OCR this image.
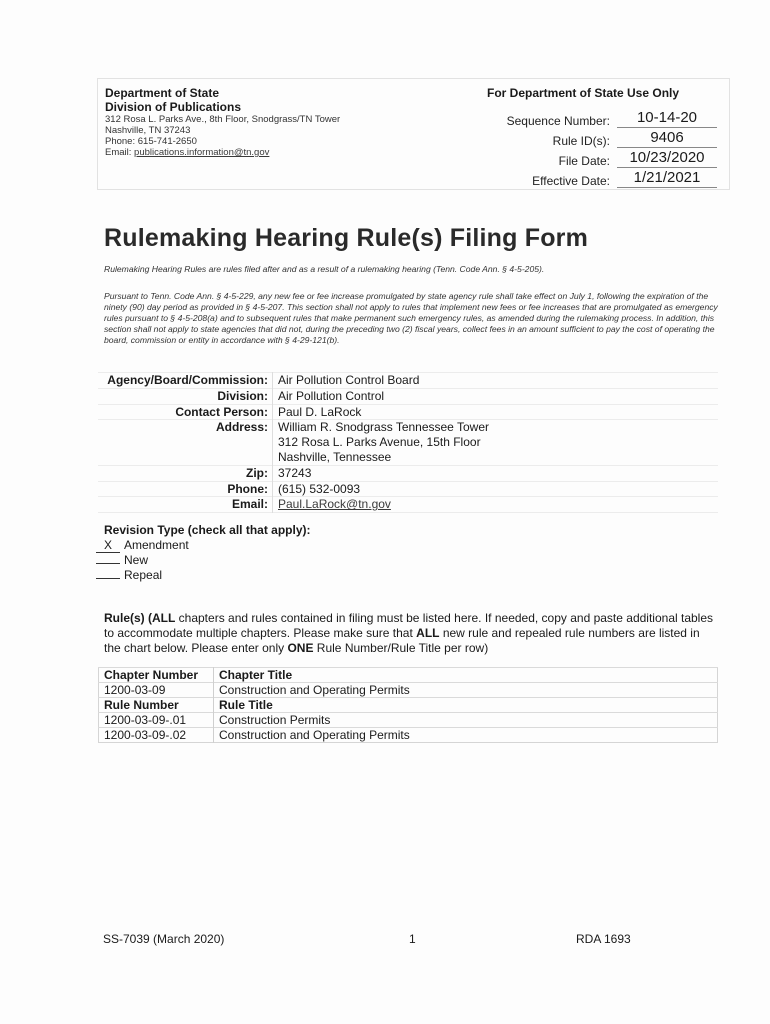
Department of State
Division of Publications
312 Rosa L. Parks Ave., 8th Floor, Snodgrass/TN Tower
Nashville, TN 37243
Phone: 615-741-2650
Email: publications.information@tn.gov
For Department of State Use Only
Sequence Number:	10-14-20
Rule ID(s):	9406
File Date:	10/23/2020
Effective Date:	1/21/2021
Rulemaking Hearing Rule(s) Filing Form
Rulemaking Hearing Rules are rules filed after and as a result of a rulemaking hearing (Tenn. Code Ann. § 4-5-205).
Pursuant to Tenn. Code Ann. § 4-5-229, any new fee or fee increase promulgated by state agency rule shall take effect on July 1, following the expiration of the ninety (90) day period as provided in § 4-5-207. This section shall not apply to rules that implement new fees or fee increases that are promulgated as emergency rules pursuant to § 4-5-208(a) and to subsequent rules that make permanent such emergency rules, as amended during the rulemaking process. In addition, this section shall not apply to state agencies that did not, during the preceding two (2) fiscal years, collect fees in an amount sufficient to pay the cost of operating the board, commission or entity in accordance with § 4-29-121(b).
Agency/Board/Commission:	Air Pollution Control Board
Division:	Air Pollution Control
Contact Person:	Paul D. LaRock
Address:	William R. Snodgrass Tennessee Tower
312 Rosa L. Parks Avenue, 15th Floor
Nashville, Tennessee

Zip:	37243
Phone:	(615) 532-0093
Email:	Paul.LaRock@tn.gov
Revision Type (check all that apply):
X Amendment
New
Repeal
Rule(s) (ALL chapters and rules contained in filing must be listed here. If needed, copy and paste additional tables to accommodate multiple chapters. Please make sure that ALL new rule and repealed rule numbers are listed in the chart below. Please enter only ONE Rule Number/Rule Title per row)
Chapter Number	Chapter Title
1200-03-09	Construction and Operating Permits
Rule Number	Rule Title
1200-03-09-.01	Construction Permits
1200-03-09-.02	Construction and Operating Permits
SS-7039 (March 2020)	1	RDA 1693
